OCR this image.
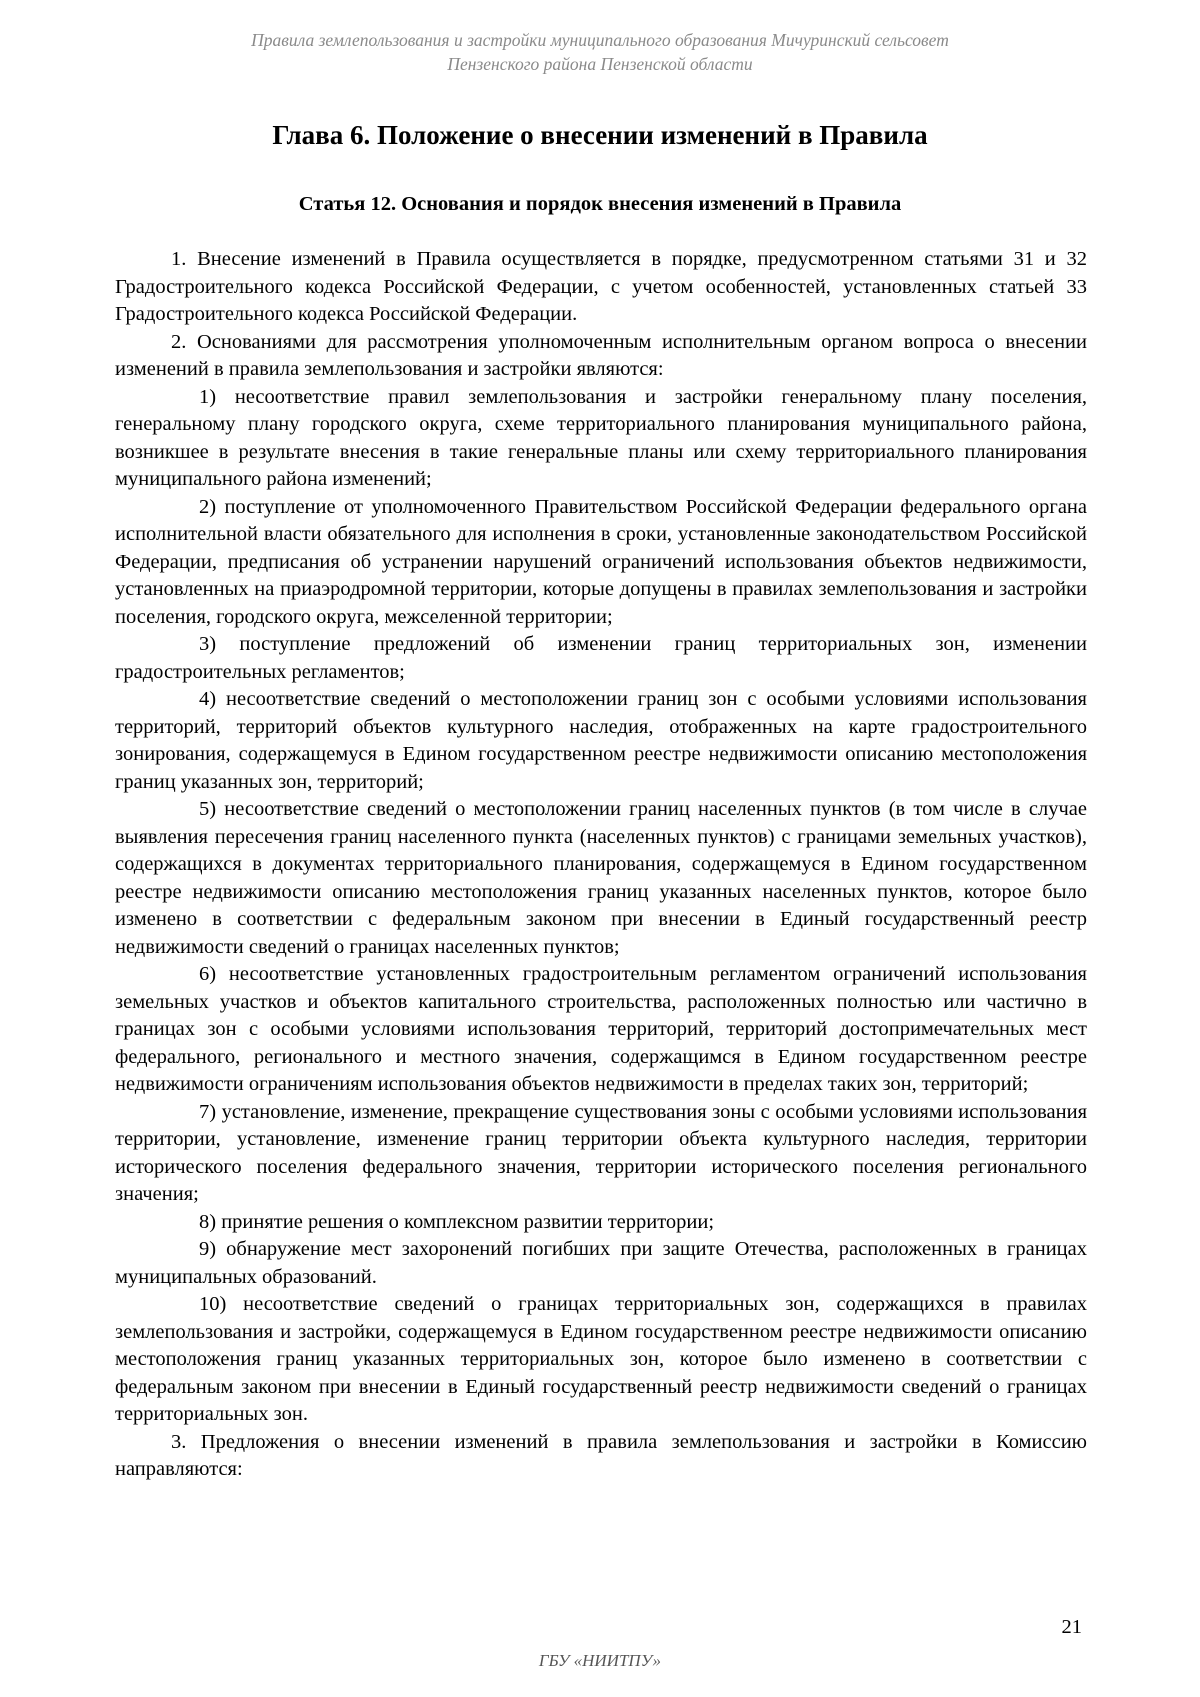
Правила землепользования и застройки муниципального образования Мичуринский сельсовет
Пензенского района Пензенской области
Глава 6. Положение о внесении изменений в Правила
Статья 12. Основания и порядок внесения изменений в Правила

1. Внесение изменений в Правила осуществляется в порядке, предусмотренном статьями 31 и 32 Градостроительного кодекса Российской Федерации, с учетом особенностей, установленных статьей 33 Градостроительного кодекса Российской Федерации.

2. Основаниями для рассмотрения уполномоченным исполнительным органом вопроса о внесении изменений в правила землепользования и застройки являются:

1) несоответствие правил землепользования и застройки генеральному плану поселения, генеральному плану городского округа, схеме территориального планирования муниципального района, возникшее в результате внесения в такие генеральные планы или схему территориального планирования муниципального района изменений;

2) поступление от уполномоченного Правительством Российской Федерации федерального органа исполнительной власти обязательного для исполнения в сроки, установленные законодательством Российской Федерации, предписания об устранении нарушений ограничений использования объектов недвижимости, установленных на приаэродромной территории, которые допущены в правилах землепользования и застройки поселения, городского округа, межселенной территории;

3) поступление предложений об изменении границ территориальных зон, изменении градостроительных регламентов;

4) несоответствие сведений о местоположении границ зон с особыми условиями использования территорий, территорий объектов культурного наследия, отображенных на карте градостроительного зонирования, содержащемуся в Едином государственном реестре недвижимости описанию местоположения границ указанных зон, территорий;

5) несоответствие сведений о местоположении границ населенных пунктов (в том числе в случае выявления пересечения границ населенного пункта (населенных пунктов) с границами земельных участков), содержащихся в документах территориального планирования, содержащемуся в Едином государственном реестре недвижимости описанию местоположения границ указанных населенных пунктов, которое было изменено в соответствии с федеральным законом при внесении в Единый государственный реестр недвижимости сведений о границах населенных пунктов;

6) несоответствие установленных градостроительным регламентом ограничений использования земельных участков и объектов капитального строительства, расположенных полностью или частично в границах зон с особыми условиями использования территорий, территорий достопримечательных мест федерального, регионального и местного значения, содержащимся в Едином государственном реестре недвижимости ограничениям использования объектов недвижимости в пределах таких зон, территорий;

7) установление, изменение, прекращение существования зоны с особыми условиями использования территории, установление, изменение границ территории объекта культурного наследия, территории исторического поселения федерального значения, территории исторического поселения регионального значения;

8) принятие решения о комплексном развитии территории;

9) обнаружение мест захоронений погибших при защите Отечества, расположенных в границах муниципальных образований.

10) несоответствие сведений о границах территориальных зон, содержащихся в правилах землепользования и застройки, содержащемуся в Едином государственном реестре недвижимости описанию местоположения границ указанных территориальных зон, которое было изменено в соответствии с федеральным законом при внесении в Единый государственный реестр недвижимости сведений о границах территориальных зон.

3. Предложения о внесении изменений в правила землепользования и застройки в Комиссию направляются:

21
ГБУ «НИИТПУ»
